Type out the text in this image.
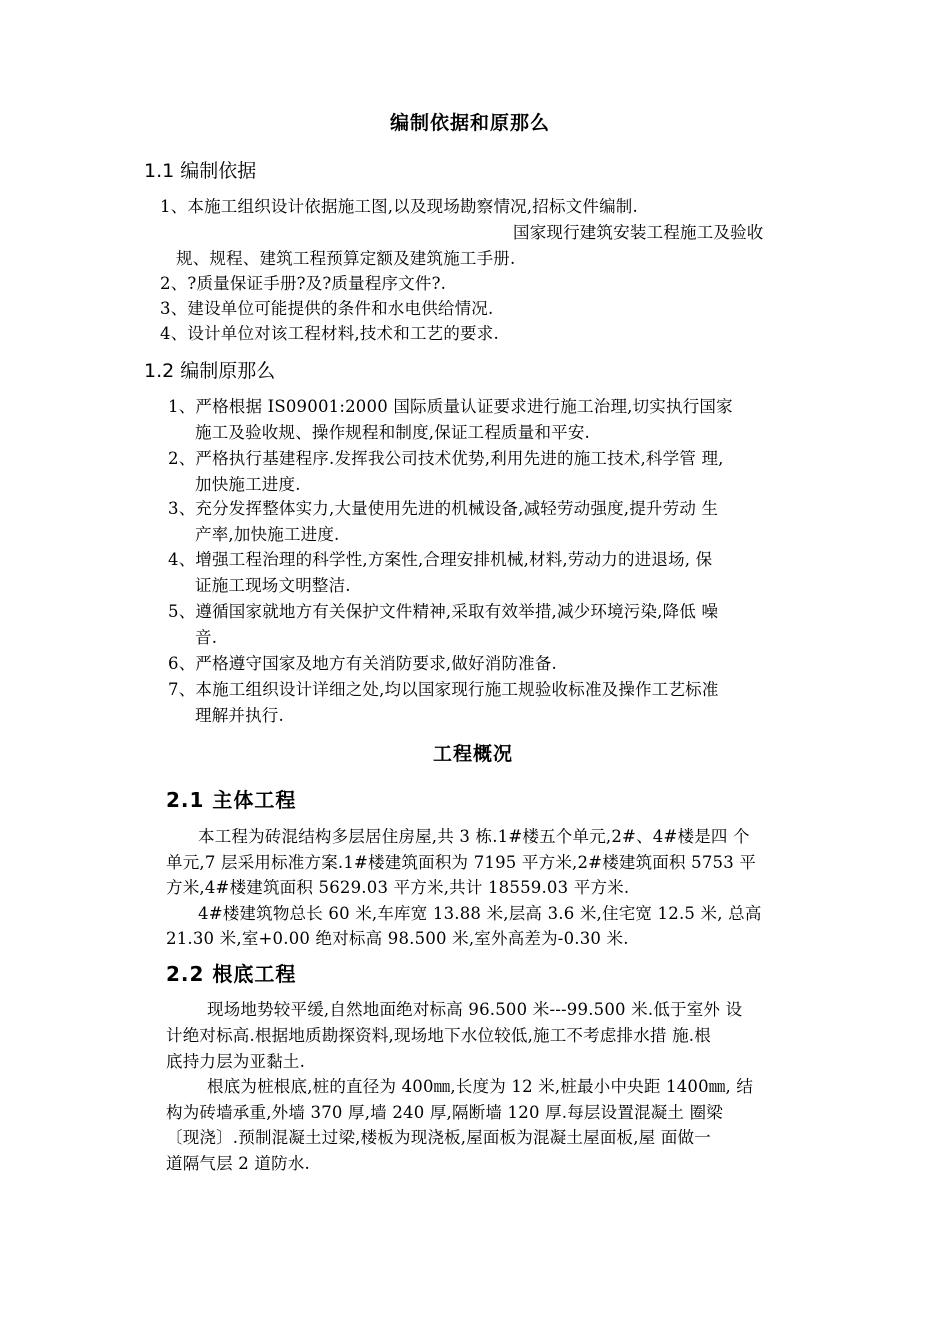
编制依据和原那么
1.1 编制依据
1、本施工组织设计依据施工图,以及现场勘察情况,招标文件编制.
国家现行建筑安装工程施工及验收
规、规程、建筑工程预算定额及建筑施工手册.
2、?质量保证手册?及?质量程序文件?.
3、建设单位可能提供的条件和水电供给情况.
4、设计单位对该工程材料,技术和工艺的要求.
1.2 编制原那么
1、严格根据 IS09001:2000 国际质量认证要求进行施工治理,切实执行国家
施工及验收规、操作规程和制度,保证工程质量和平安.
2、严格执行基建程序.发挥我公司技术优势,利用先进的施工技术,科学管 理,
加快施工进度.
3、充分发挥整体实力,大量使用先进的机械设备,减轻劳动强度,提升劳动 生
产率,加快施工进度.
4、增强工程治理的科学性,方案性,合理安排机械,材料,劳动力的进退场, 保
证施工现场文明整洁.
5、遵循国家就地方有关保护文件精神,采取有效举措,减少环境污染,降低 噪
音.
6、严格遵守国家及地方有关消防要求,做好消防准备.
7、本施工组织设计详细之处,均以国家现行施工规验收标准及操作工艺标准
理解并执行.
工程概况
2.1 主体工程
本工程为砖混结构多层居住房屋,共 3 栋.1#楼五个单元,2#、4#楼是四 个
单元,7 层采用标准方案.1#楼建筑面积为 7195 平方米,2#楼建筑面积 5753 平
方米,4#楼建筑面积 5629.03 平方米,共计 18559.03 平方米.
4#楼建筑物总长 60 米,车库宽 13.88 米,层高 3.6 米,住宅宽 12.5 米, 总高
21.30 米,室+0.00 绝对标高 98.500 米,室外高差为-0.30 米.
2.2 根底工程
现场地势较平缓,自然地面绝对标高 96.500 米---99.500 米.低于室外 设
计绝对标高.根据地质勘探资料,现场地下水位较低,施工不考虑排水措 施.根
底持力层为亚黏土.
根底为桩根底,桩的直径为 400㎜,长度为 12 米,桩最小中央距 1400㎜, 结
构为砖墙承重,外墙 370 厚,墙 240 厚,隔断墙 120 厚.每层设置混凝土 圈梁
〔现浇〕.预制混凝土过梁,楼板为现浇板,屋面板为混凝土屋面板,屋 面做一
道隔气层 2 道防水.
